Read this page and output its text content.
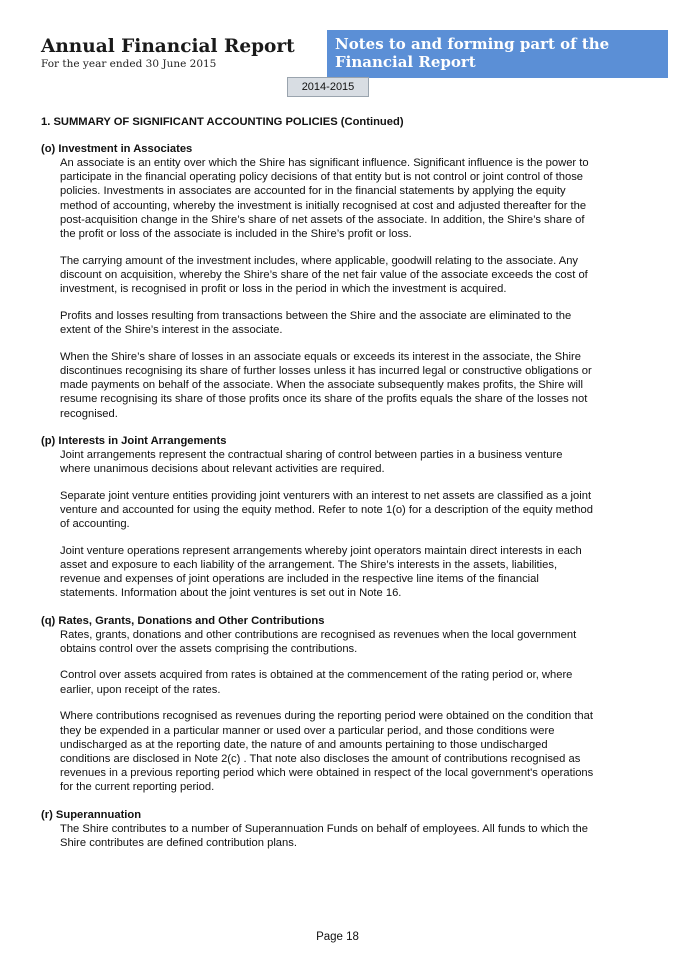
Annual Financial Report
For the year ended 30 June 2015

Notes to and forming part of the Financial Report

2014-2015

1. SUMMARY OF SIGNIFICANT ACCOUNTING POLICIES (Continued)

(o) Investment in Associates

An associate is an entity over which the Shire has significant influence. Significant influence is the power to participate in the financial operating policy decisions of that entity but is not control or joint control of those policies. Investments in associates are accounted for in the financial statements by applying the equity method of accounting, whereby the investment is initially recognised at cost and adjusted thereafter for the post-acquisition change in the Shire’s share of net assets of the associate. In addition, the Shire’s share of the profit or loss of the associate is included in the Shire’s profit or loss.

The carrying amount of the investment includes, where applicable, goodwill relating to the associate. Any discount on acquisition, whereby the Shire’s share of the net fair value of the associate exceeds the cost of investment, is recognised in profit or loss in the period in which the investment is acquired.

Profits and losses resulting from transactions between the Shire and the associate are eliminated to the extent of the Shire’s interest in the associate.

When the Shire’s share of losses in an associate equals or exceeds its interest in the associate, the Shire discontinues recognising its share of further losses unless it has incurred legal or constructive obligations or made payments on behalf of the associate. When the associate subsequently makes profits, the Shire will resume recognising its share of those profits once its share of the profits equals the share of the losses not recognised.

(p) Interests in Joint Arrangements

Joint arrangements represent the contractual sharing of control between parties in a business venture where unanimous decisions about relevant activities are required.

Separate joint venture entities providing joint venturers with an interest to net assets are classified as a joint venture and accounted for using the equity method. Refer to note 1(o) for a description of the equity method of accounting.

Joint venture operations represent arrangements whereby joint operators maintain direct interests in each asset and exposure to each liability of the arrangement. The Shire’s interests in the assets, liabilities, revenue and expenses of joint operations are included in the respective line items of the financial statements. Information about the joint ventures is set out in Note 16.

(q) Rates, Grants, Donations and Other Contributions

Rates, grants, donations and other contributions are recognised as revenues when the local government obtains control over the assets comprising the contributions.

Control over assets acquired from rates is obtained at the commencement of the rating period or, where earlier, upon receipt of the rates.

Where contributions recognised as revenues during the reporting period were obtained on the condition that they be expended in a particular manner or used over a particular period, and those conditions were undischarged as at the reporting date, the nature of and amounts pertaining to those undischarged conditions are disclosed in Note 2(c) . That note also discloses the amount of contributions recognised as revenues in a previous reporting period which were obtained in respect of the local government's operations for the current reporting period.

(r) Superannuation

The Shire contributes to a number of Superannuation Funds on behalf of employees. All funds to which the Shire contributes are defined contribution plans.

Page 18
